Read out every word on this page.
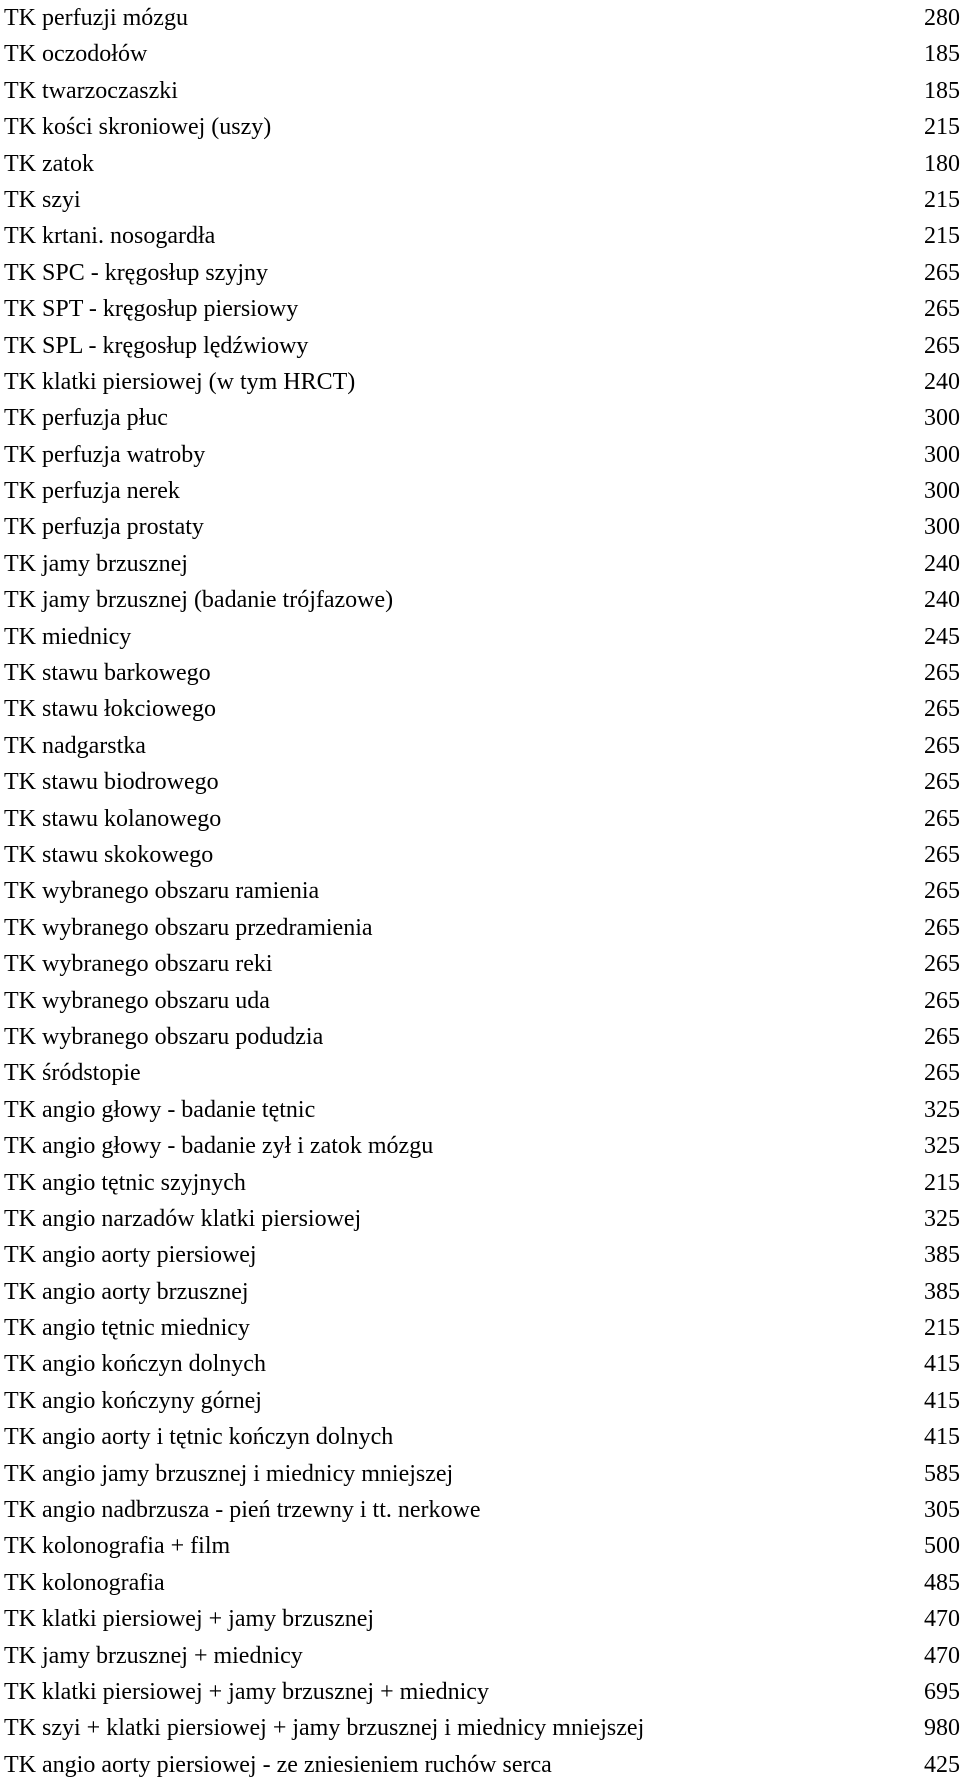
TK perfuzji mózgu	280
TK oczodołów	185
TK twarzoczaszki	185
TK kości skroniowej (uszy)	215
TK zatok	180
TK szyi	215
TK krtani. nosogardła	215
TK SPC - kręgosłup szyjny	265
TK SPT - kręgosłup piersiowy	265
TK SPL - kręgosłup lędźwiowy	265
TK klatki piersiowej (w tym HRCT)	240
TK perfuzja płuc	300
TK perfuzja watroby	300
TK perfuzja nerek	300
TK perfuzja prostaty	300
TK jamy brzusznej	240
TK jamy brzusznej (badanie trójfazowe)	240
TK miednicy	245
TK stawu barkowego	265
TK stawu łokciowego	265
TK nadgarstka	265
TK stawu biodrowego	265
TK stawu kolanowego	265
TK stawu skokowego	265
TK wybranego obszaru ramienia	265
TK wybranego obszaru przedramienia	265
TK wybranego obszaru reki	265
TK wybranego obszaru uda	265
TK wybranego obszaru podudzia	265
TK śródstopie	265
TK angio głowy - badanie tętnic	325
TK angio głowy - badanie zył i zatok mózgu	325
TK angio tętnic szyjnych	215
TK angio narzadów klatki piersiowej	325
TK angio aorty piersiowej	385
TK angio aorty brzusznej	385
TK angio tętnic miednicy	215
TK angio kończyn dolnych	415
TK angio kończyny górnej	415
TK angio aorty i tętnic kończyn dolnych	415
TK angio jamy brzusznej i miednicy mniejszej	585
TK angio nadbrzusza - pień trzewny i tt. nerkowe	305
TK kolonografia + film	500
TK kolonografia	485
TK klatki piersiowej + jamy brzusznej	470
TK jamy brzusznej + miednicy	470
TK klatki piersiowej + jamy brzusznej + miednicy	695
TK szyi + klatki piersiowej + jamy brzusznej i miednicy mniejszej	980
TK angio aorty piersiowej - ze zniesieniem ruchów serca	425
